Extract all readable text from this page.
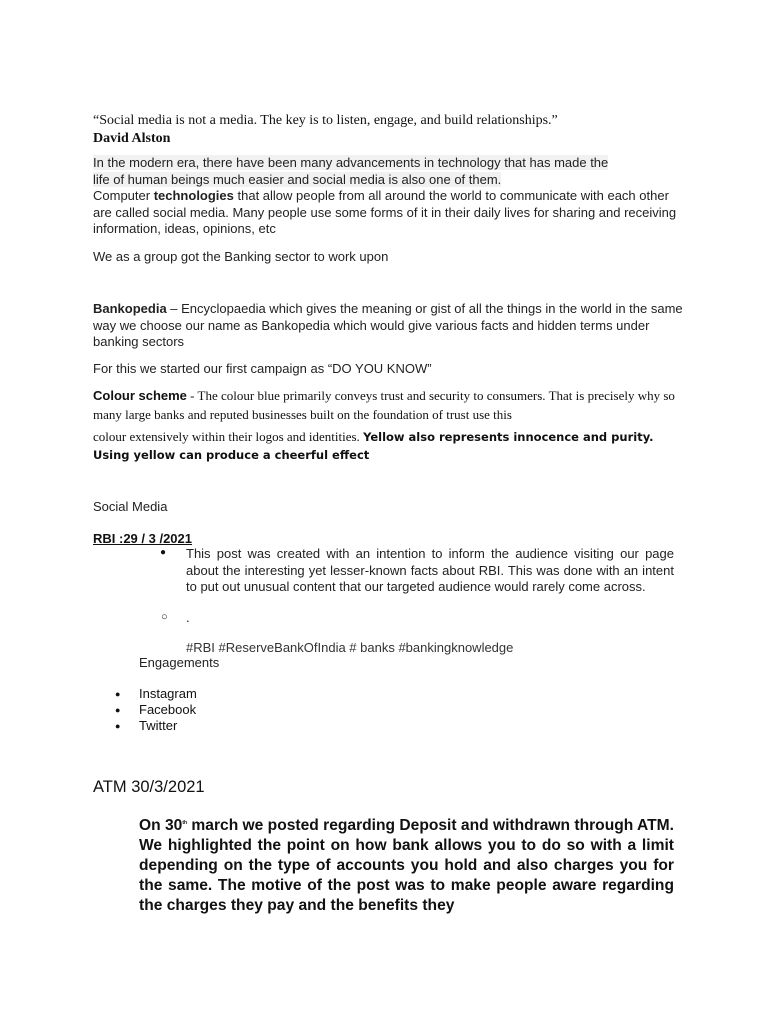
“Social media is not a media. The key is to listen, engage, and build relationships.”

David Alston

In the modern era, there have been many advancements in technology that has made the
life of human beings much easier and social media is also one of them.
Computer technologies that allow people from all around the world to communicate with each other are called social media. Many people use some forms of it in their daily lives for sharing and receiving information, ideas, opinions, etc

We as a group got the Banking sector to work upon

Bankopedia – Encyclopaedia which gives the meaning or gist of all the things in the world in the same way we choose our name as Bankopedia which would give various facts and hidden terms under banking sectors

For this we started our first campaign as “DO YOU KNOW”

Colour scheme - The colour blue primarily conveys trust and security to consumers. That is precisely why so many large banks and reputed businesses built on the foundation of trust use this
colour extensively within their logos and identities. Yellow also represents innocence and purity.
Using yellow can produce a cheerful effect

Social Media

RBI :29 / 3 /2021

● This post was created with an intention to inform the audience visiting our page about the interesting yet lesser-known facts about RBI. This was done with an intent to put out unusual content that our targeted audience would rarely come across.

○ .

#RBI #ReserveBankOfIndia # banks #bankingknowledge

Engagements

● Instagram

● Facebook

● Twitter

ATM 30/3/2021

On 30th march we posted regarding Deposit and withdrawn through ATM. We highlighted the point on how bank allows you to do so with a limit depending on the type of accounts you hold and also charges you for the same. The motive of the post was to make people aware regarding the charges they pay and the benefits they
